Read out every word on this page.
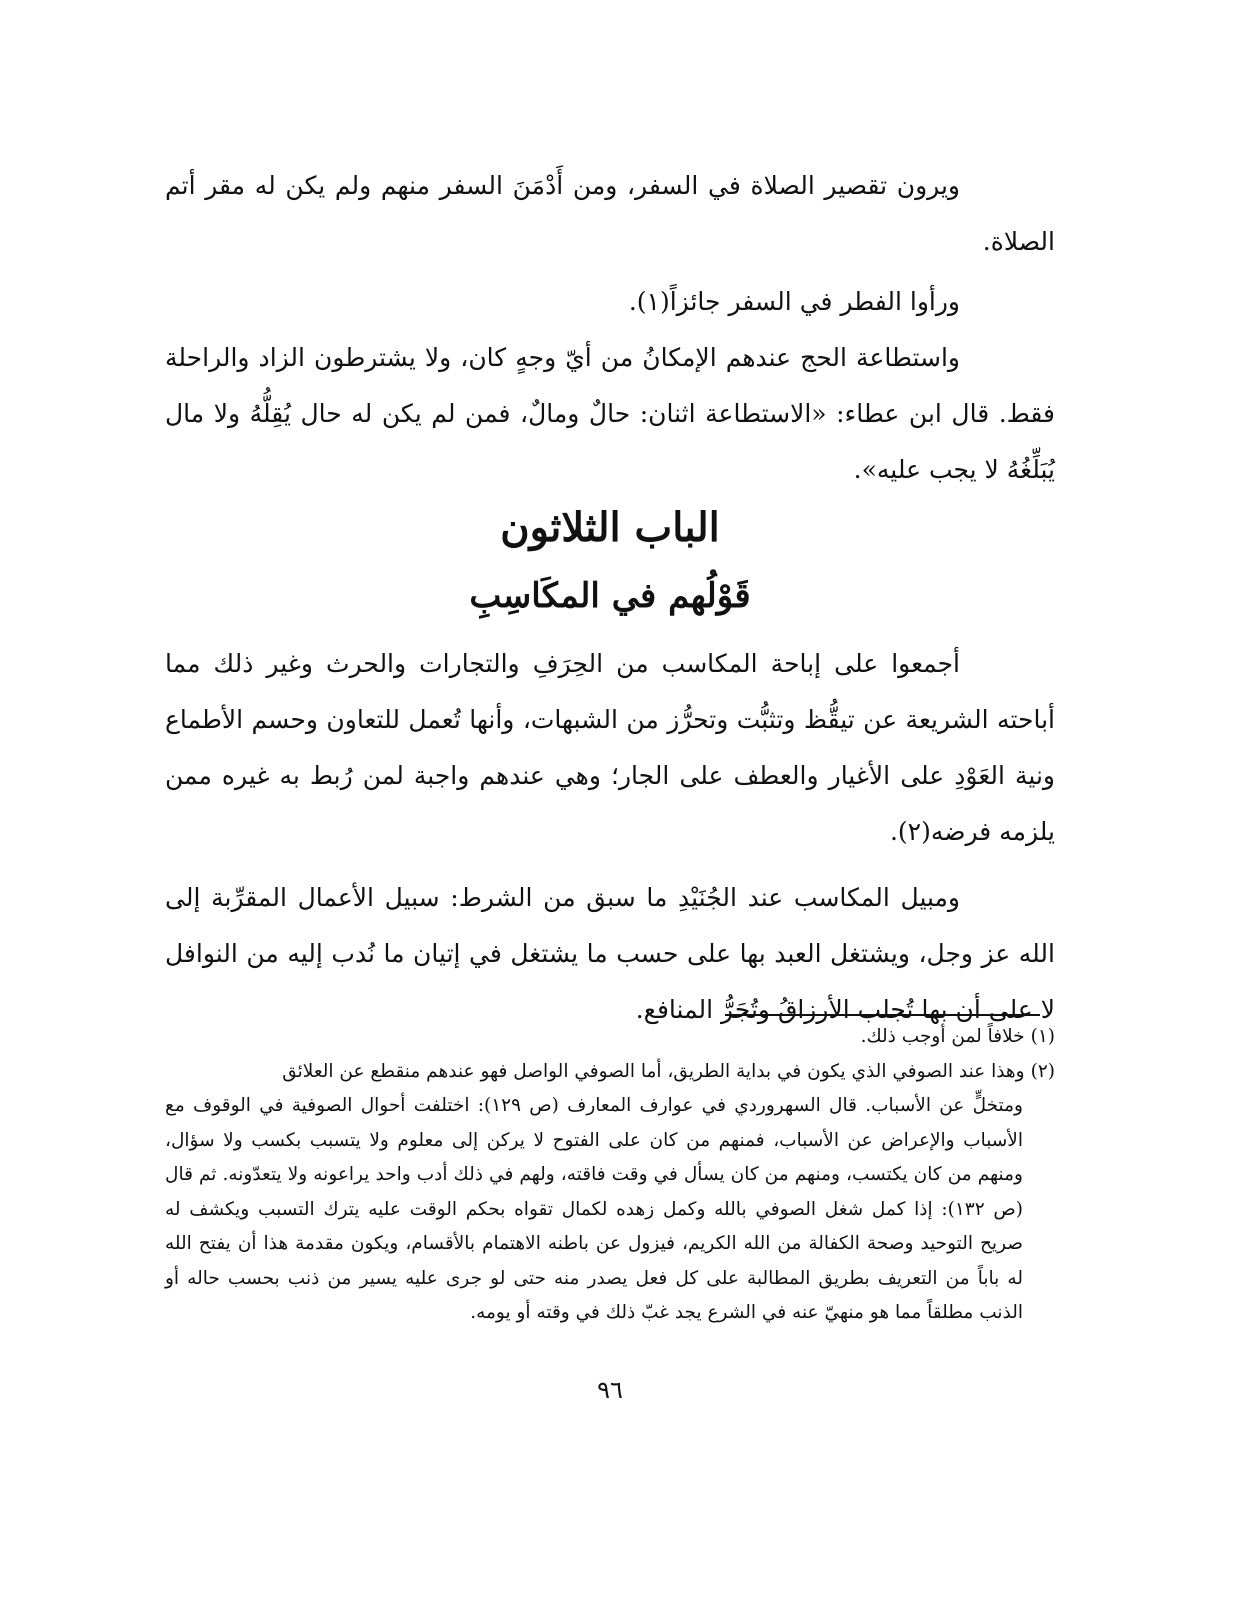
ويرون تقصير الصلاة في السفر، ومن أَدْمَنَ السفر منهم ولم يكن له مقر أتم الصلاة.

ورأوا الفطر في السفر جائزاً(١).

واستطاعة الحج عندهم الإمكانُ من أيّ وجهٍ كان، ولا يشترطون الزاد والراحلة فقط. قال ابن عطاء: «الاستطاعة اثنان: حالٌ ومالٌ، فمن لم يكن له حال يُقِلُّهُ ولا مال يُبَلِّغُهُ لا يجب عليه».

الباب الثلاثون
قَوْلُهم في المكَاسِبِ

أجمعوا على إباحة المكاسب من الحِرَفِ والتجارات والحرث وغير ذلك مما أباحته الشريعة عن تيقُّظ وتثبُّت وتحرُّز من الشبهات، وأنها تُعمل للتعاون وحسم الأطماع ونية العَوْدِ على الأغيار والعطف على الجار؛ وهي عندهم واجبة لمن رُبط به غيره ممن يلزمه فرضه(٢).

ومبيل المكاسب عند الجُنَيْدِ ما سبق من الشرط: سبيل الأعمال المقرِّبة إلى الله عز وجل، ويشتغل العبد بها على حسب ما يشتغل في إتيان ما نُدب إليه من النوافل لا على أن بها تُجلب الأرزاقُ وتُجَرُّ المنافع.

(١)خلافاً لمن أوجب ذلك.

(٢)وهذا عند الصوفي الذي يكون في بداية الطريق، أما الصوفي الواصل فهو عندهم منقطع عن العلائق

ومتخلٍّ عن الأسباب. قال السهروردي في عوارف المعارف (ص ١٢٩): اختلفت أحوال الصوفية في الوقوف مع الأسباب والإعراض عن الأسباب، فمنهم من كان على الفتوح لا يركن إلى معلوم ولا يتسبب بكسب ولا سؤال، ومنهم من كان يكتسب، ومنهم من كان يسأل في وقت فاقته، ولهم في ذلك أدب واحد يراعونه ولا يتعدّونه. ثم قال (ص ١٣٢): إذا كمل شغل الصوفي بالله وكمل زهده لكمال تقواه بحكم الوقت عليه يترك التسبب ويكشف له صريح التوحيد وصحة الكفالة من الله الكريم، فيزول عن باطنه الاهتمام بالأقسام، ويكون مقدمة هذا أن يفتح الله له باباً من التعريف بطريق المطالبة على كل فعل يصدر منه حتى لو جرى عليه يسير من ذنب بحسب حاله أو الذنب مطلقاً مما هو منهيّ عنه في الشرع يجد غبّ ذلك في وقته أو يومه.

٩٦
